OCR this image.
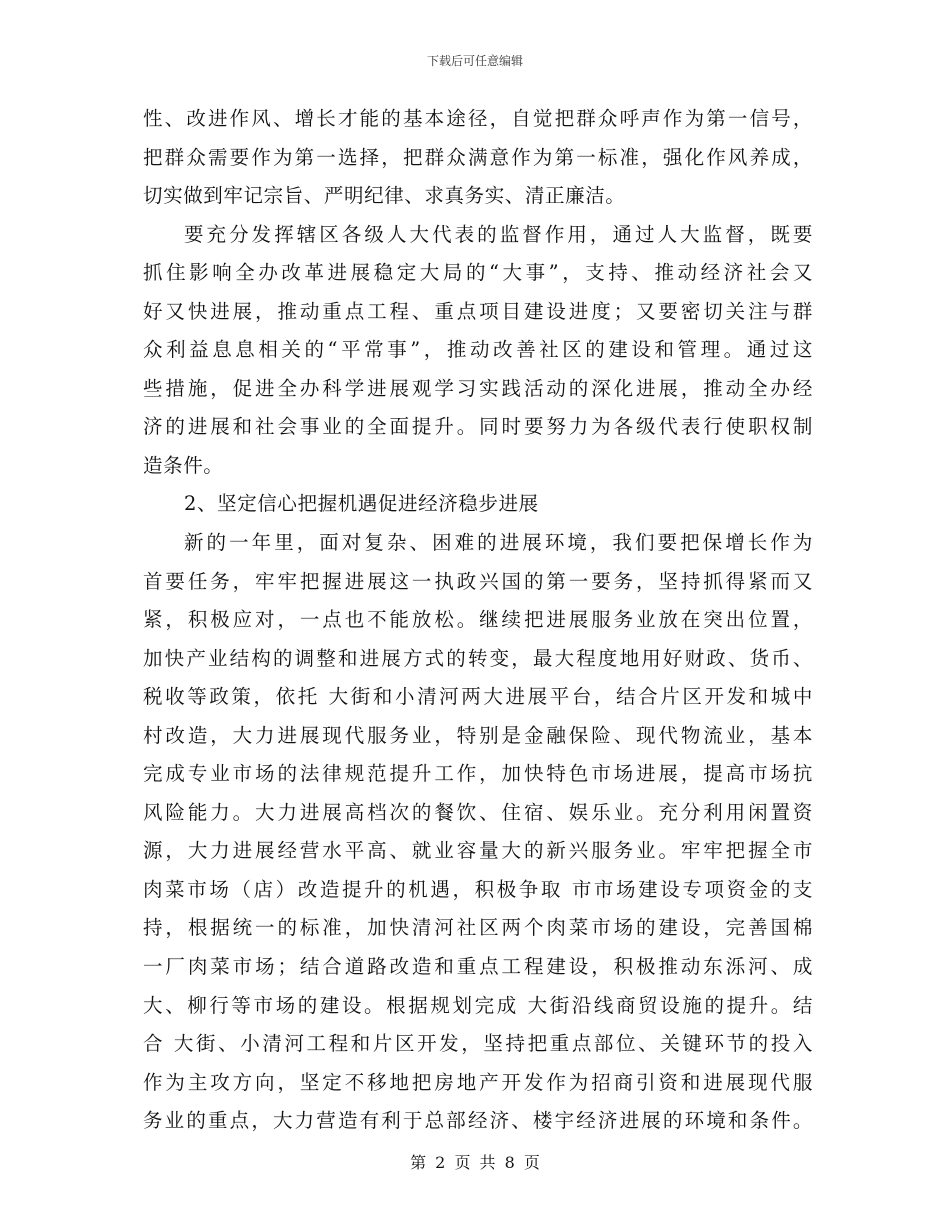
下载后可任意编辑
性、改进作风、增长才能的基本途径，自觉把群众呼声作为第一信号，
把群众需要作为第一选择，把群众满意作为第一标准，强化作风养成，
切实做到牢记宗旨、严明纪律、求真务实、清正廉洁。
要充分发挥辖区各级人大代表的监督作用，通过人大监督，既要
抓住影响全办改革进展稳定大局的“大事”，支持、推动经济社会又
好又快进展，推动重点工程、重点项目建设进度；又要密切关注与群
众利益息息相关的“平常事”，推动改善社区的建设和管理。通过这
些措施，促进全办科学进展观学习实践活动的深化进展，推动全办经
济的进展和社会事业的全面提升。同时要努力为各级代表行使职权制
造条件。
2、坚定信心把握机遇促进经济稳步进展
新的一年里，面对复杂、困难的进展环境，我们要把保增长作为
首要任务，牢牢把握进展这一执政兴国的第一要务，坚持抓得紧而又
紧，积极应对，一点也不能放松。继续把进展服务业放在突出位置，
加快产业结构的调整和进展方式的转变，最大程度地用好财政、货币、
税收等政策，依托 大街和小清河两大进展平台，结合片区开发和城中
村改造，大力进展现代服务业，特别是金融保险、现代物流业，基本
完成专业市场的法律规范提升工作，加快特色市场进展，提高市场抗
风险能力。大力进展高档次的餐饮、住宿、娱乐业。充分利用闲置资
源，大力进展经营水平高、就业容量大的新兴服务业。牢牢把握全市
肉菜市场（店）改造提升的机遇，积极争取 市市场建设专项资金的支
持，根据统一的标准，加快清河社区两个肉菜市场的建设，完善国棉
一厂肉菜市场；结合道路改造和重点工程建设，积极推动东泺河、成
大、柳行等市场的建设。根据规划完成 大街沿线商贸设施的提升。结
合 大街、小清河工程和片区开发，坚持把重点部位、关键环节的投入
作为主攻方向，坚定不移地把房地产开发作为招商引资和进展现代服
务业的重点，大力营造有利于总部经济、楼宇经济进展的环境和条件。
第 2 页 共 8 页
